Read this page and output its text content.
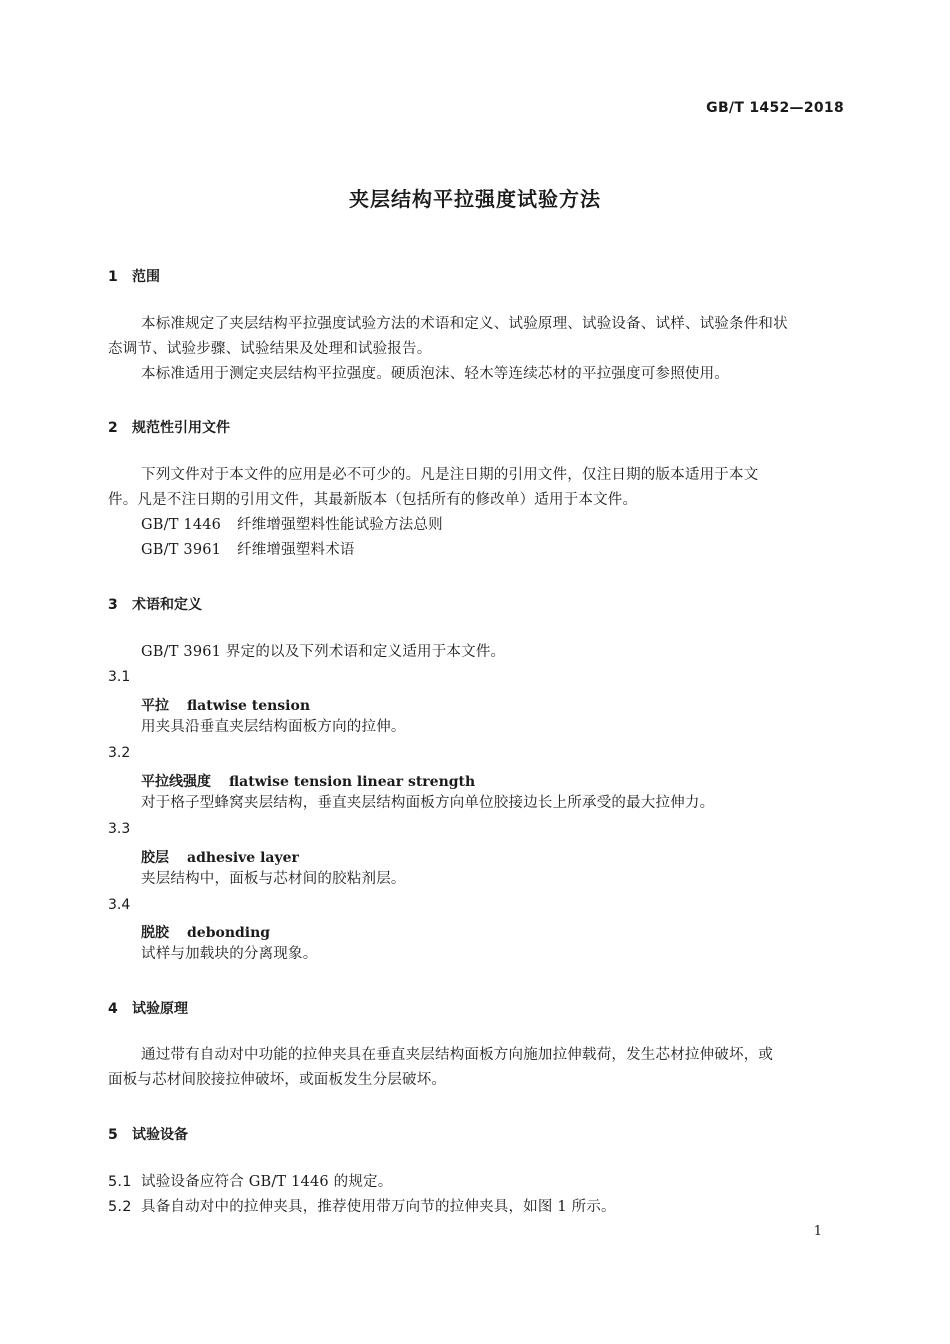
GB/T 1452—2018
夹层结构平拉强度试验方法
1 范围
本标准规定了夹层结构平拉强度试验方法的术语和定义、试验原理、试验设备、试样、试验条件和状
态调节、试验步骤、试验结果及处理和试验报告。
本标准适用于测定夹层结构平拉强度。硬质泡沫、轻木等连续芯材的平拉强度可参照使用。
2 规范性引用文件
下列文件对于本文件的应用是必不可少的。凡是注日期的引用文件，仅注日期的版本适用于本文
件。凡是不注日期的引用文件，其最新版本（包括所有的修改单）适用于本文件。
GB/T 1446 纤维增强塑料性能试验方法总则
GB/T 3961 纤维增强塑料术语
3 术语和定义
GB/T 3961 界定的以及下列术语和定义适用于本文件。
3.1
平拉 flatwise tension
用夹具沿垂直夹层结构面板方向的拉伸。
3.2
平拉线强度 flatwise tension linear strength
对于格子型蜂窝夹层结构，垂直夹层结构面板方向单位胶接边长上所承受的最大拉伸力。
3.3
胶层 adhesive layer
夹层结构中，面板与芯材间的胶粘剂层。
3.4
脱胶 debonding
试样与加载块的分离现象。
4 试验原理
通过带有自动对中功能的拉伸夹具在垂直夹层结构面板方向施加拉伸载荷，发生芯材拉伸破坏，或
面板与芯材间胶接拉伸破坏，或面板发生分层破坏。
5 试验设备
5.1 试验设备应符合 GB/T 1446 的规定。
5.2 具备自动对中的拉伸夹具，推荐使用带万向节的拉伸夹具，如图 1 所示。
1
